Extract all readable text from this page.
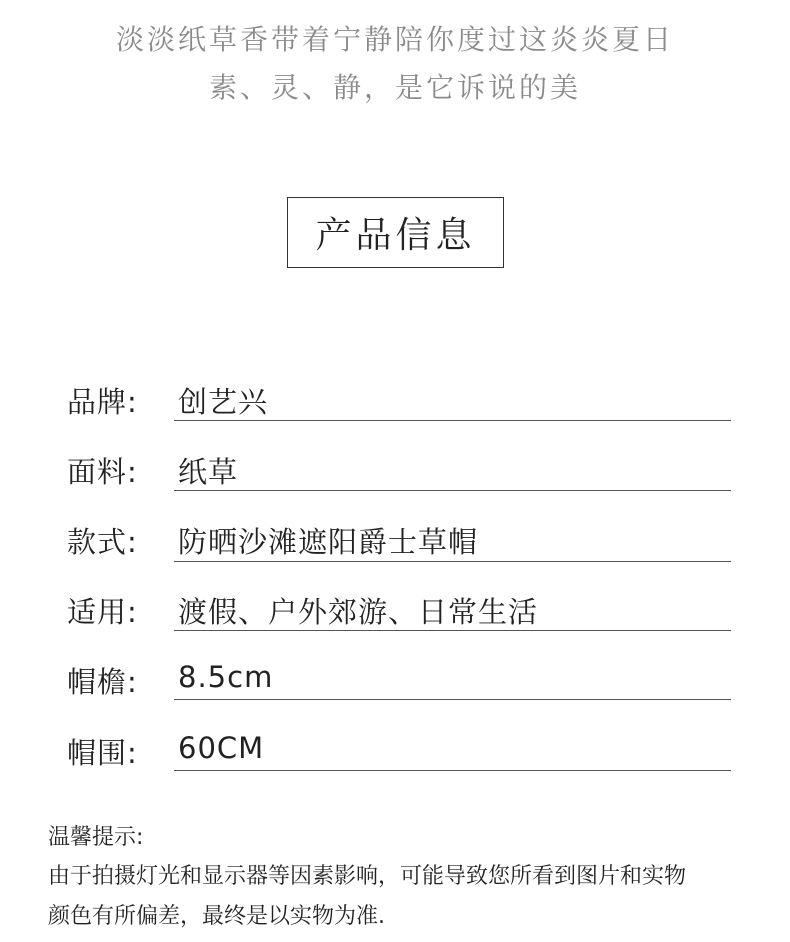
淡淡纸草香带着宁静陪你度过这炎炎夏日
素、灵、静，是它诉说的美
产品信息
品牌: 创艺兴
面料: 纸草
款式: 防晒沙滩遮阳爵士草帽
适用: 渡假、户外郊游、日常生活
帽檐: 8.5cm
帽围: 60CM
温馨提示:
由于拍摄灯光和显示器等因素影响，可能导致您所看到图片和实物
颜色有所偏差，最终是以实物为准.
